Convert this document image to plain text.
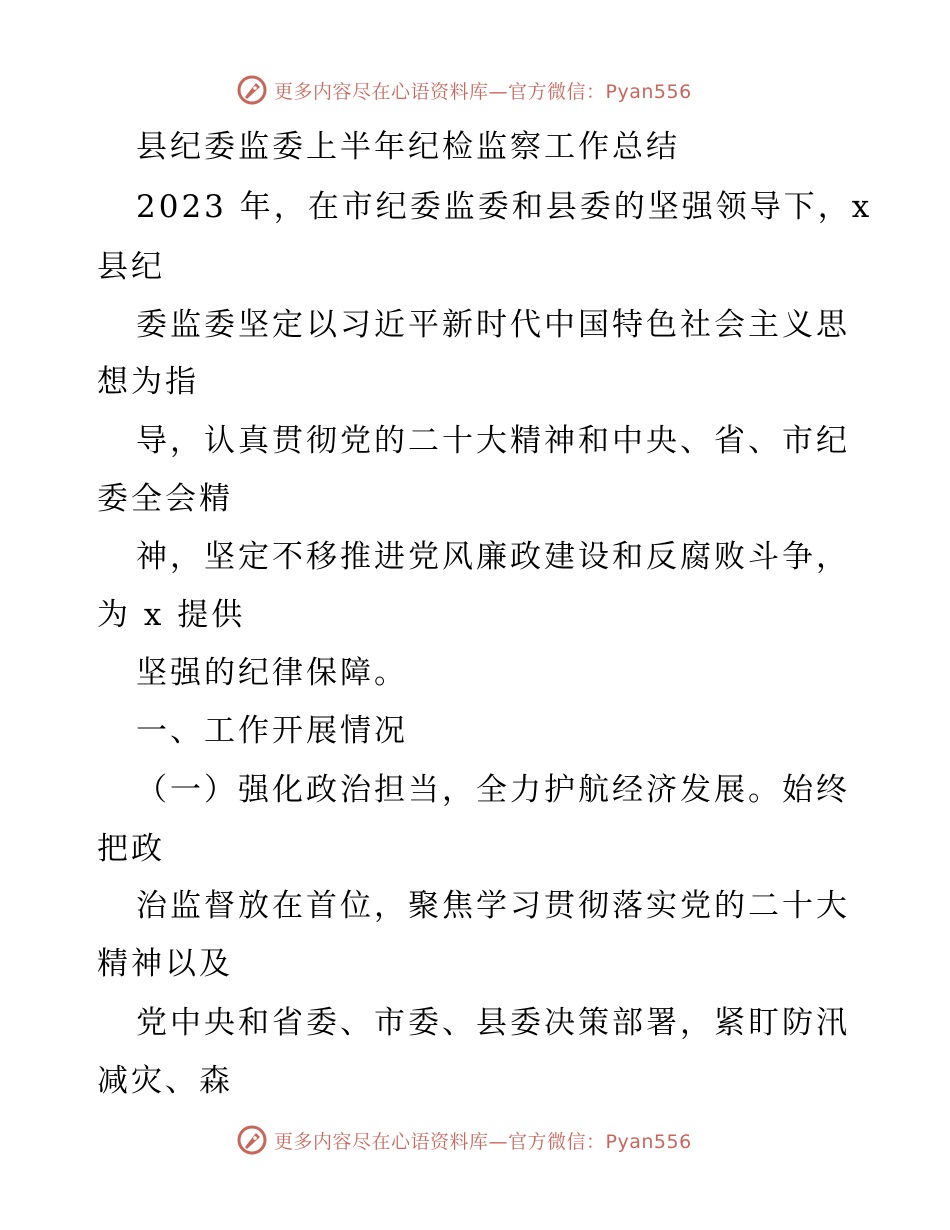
更多内容尽在心语资料库—官方微信：Pyan556
县纪委监委上半年纪检监察工作总结
2023 年，在市纪委监委和县委的坚强领导下，x
县纪
委监委坚定以习近平新时代中国特色社会主义思
想为指
导，认真贯彻党的二十大精神和中央、省、市纪
委全会精
神，坚定不移推进党风廉政建设和反腐败斗争，
为 x 提供
坚强的纪律保障。
一、工作开展情况
（一）强化政治担当，全力护航经济发展。始终
把政
治监督放在首位，聚焦学习贯彻落实党的二十大
精神以及
党中央和省委、市委、县委决策部署，紧盯防汛
减灾、森
更多内容尽在心语资料库—官方微信：Pyan556
